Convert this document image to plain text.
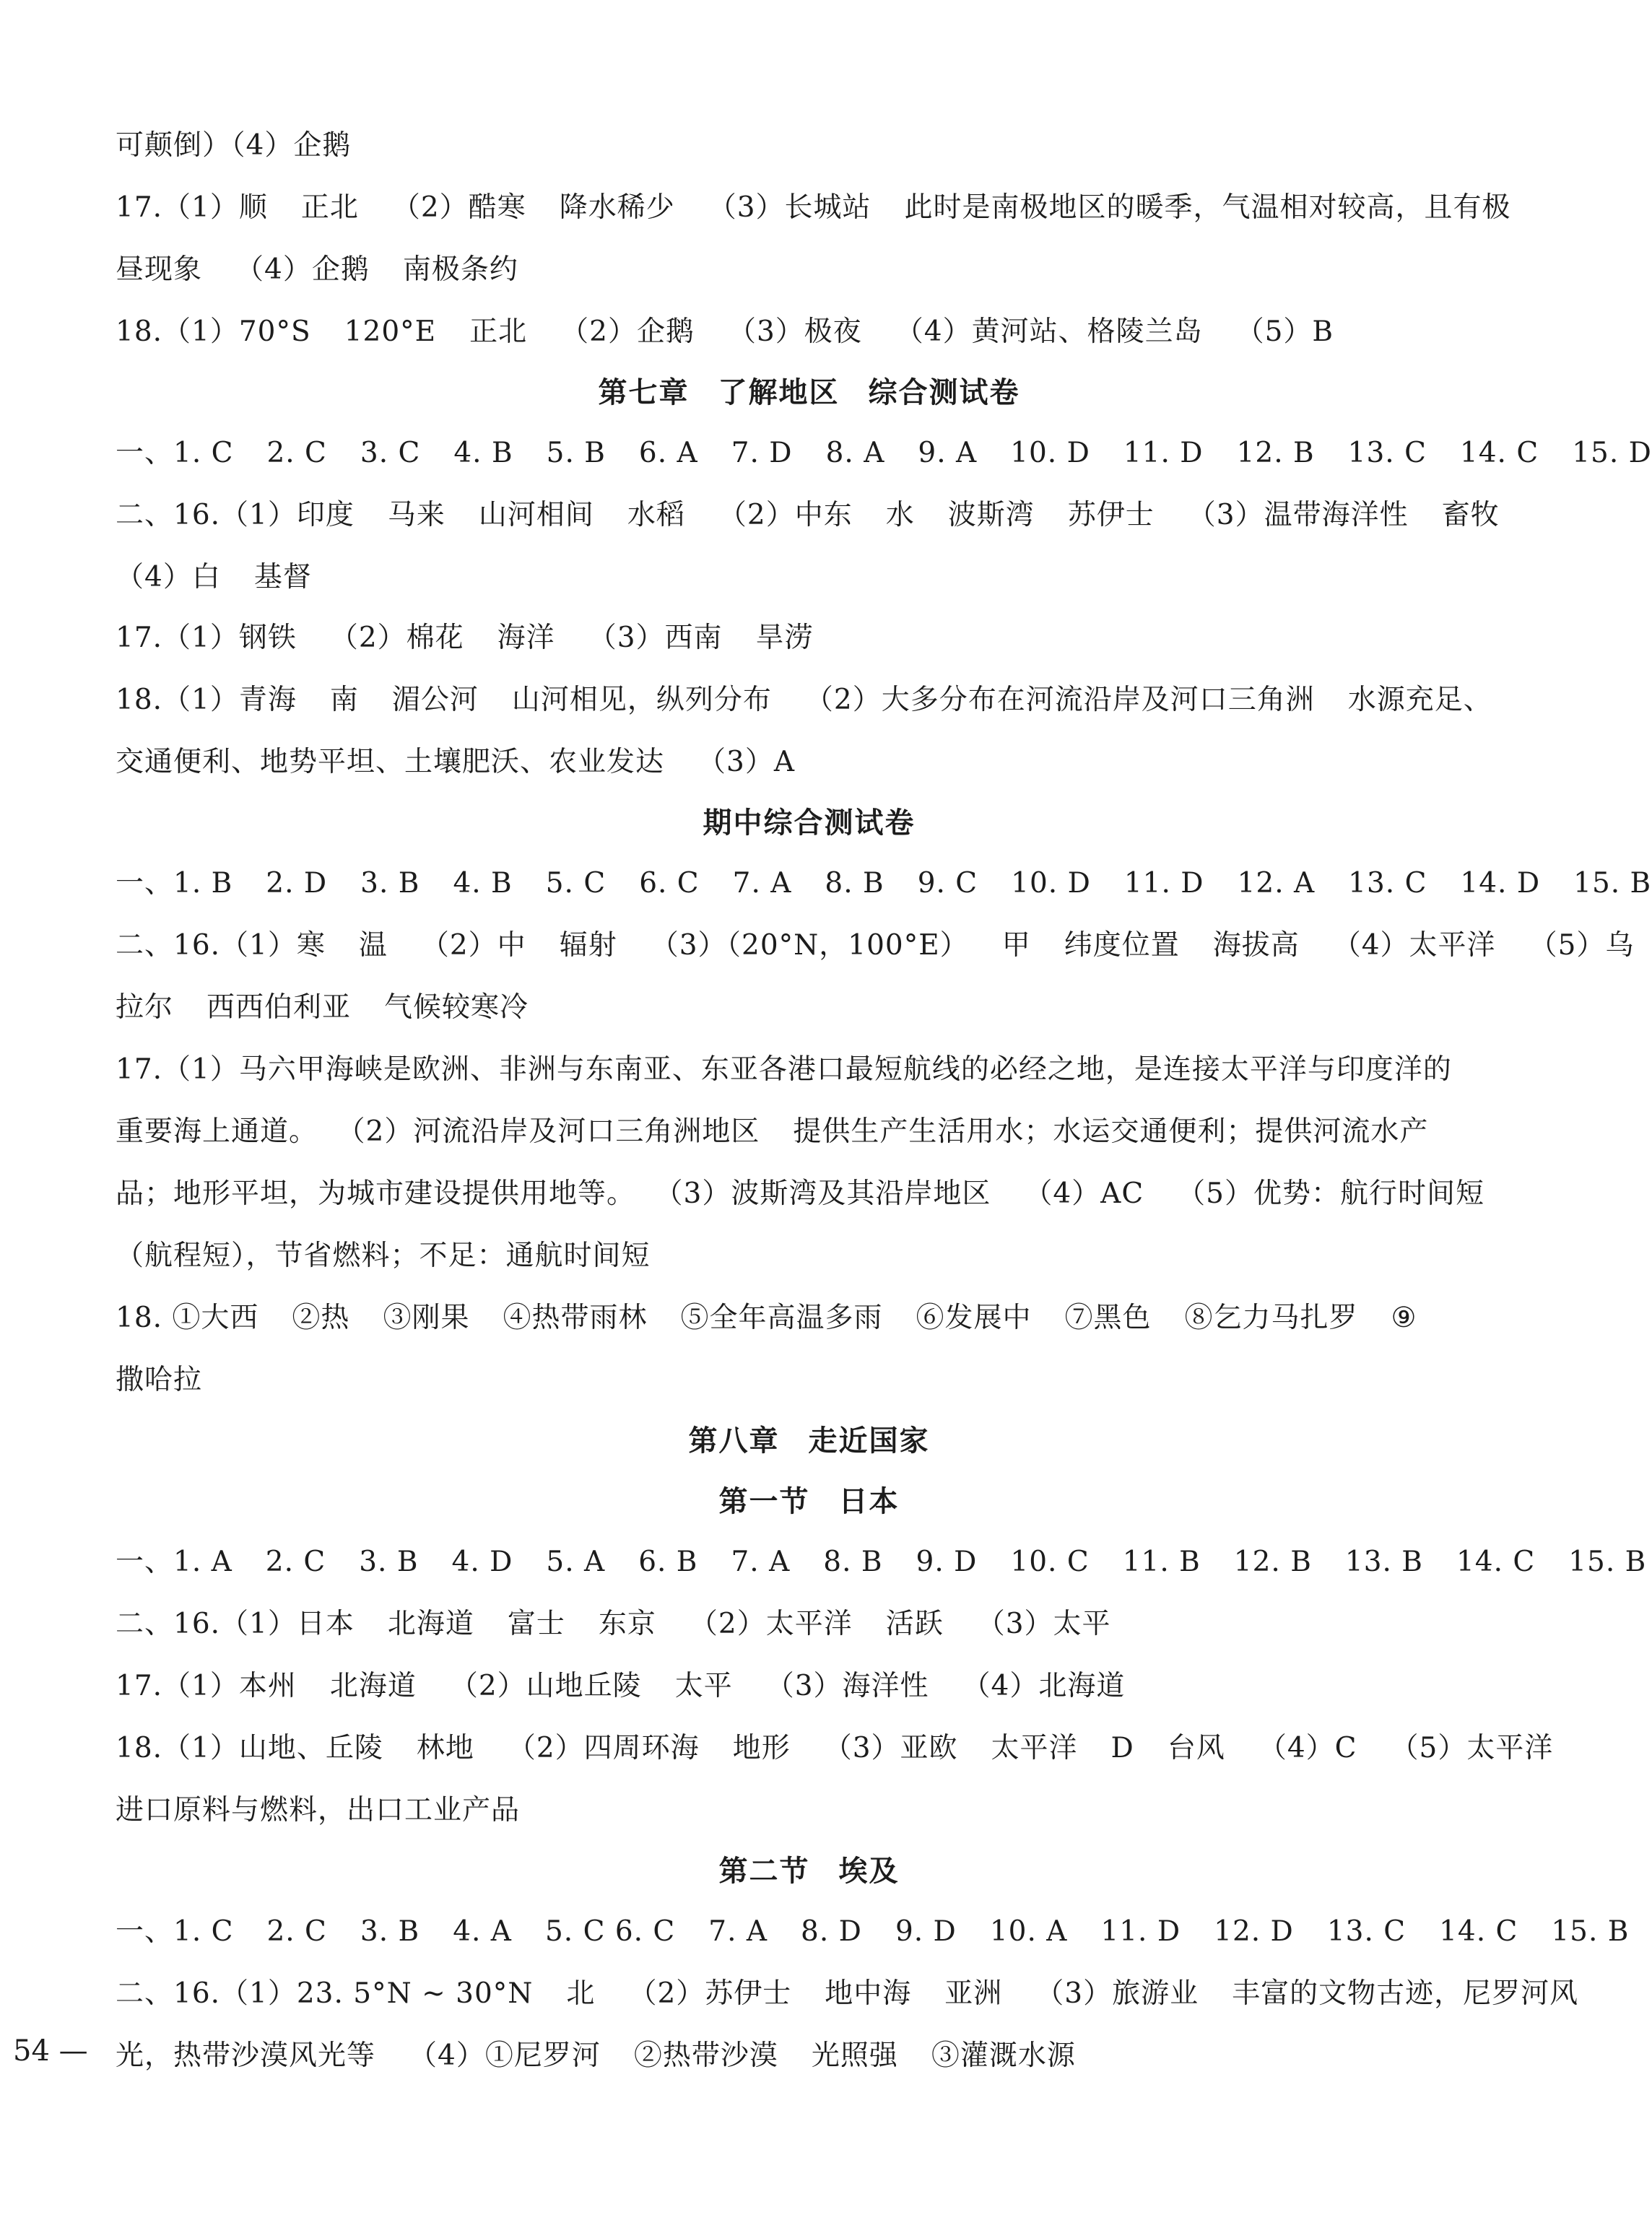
可颠倒）（4）企鹅
17.（1）顺 正北 （2）酷寒 降水稀少 （3）长城站 此时是南极地区的暖季，气温相对较高，且有极
昼现象 （4）企鹅 南极条约
18.（1）70°S 120°E 正北 （2）企鹅 （3）极夜 （4）黄河站、格陵兰岛 （5）B
第七章 了解地区 综合测试卷
一、1. C 2. C 3. C 4. B 5. B 6. A 7. D 8. A 9. A 10. D 11. D 12. B 13. C 14. C 15. D
二、16.（1）印度 马来 山河相间 水稻 （2）中东 水 波斯湾 苏伊士 （3）温带海洋性 畜牧
（4）白 基督
17.（1）钢铁 （2）棉花 海洋 （3）西南 旱涝
18.（1）青海 南 湄公河 山河相见，纵列分布 （2）大多分布在河流沿岸及河口三角洲 水源充足、
交通便利、地势平坦、土壤肥沃、农业发达 （3）A
期中综合测试卷
一、1. B 2. D 3. B 4. B 5. C 6. C 7. A 8. B 9. C 10. D 11. D 12. A 13. C 14. D 15. B
二、16.（1）寒 温 （2）中 辐射 （3）（20°N，100°E） 甲 纬度位置 海拔高 （4）太平洋 （5）乌
拉尔 西西伯利亚 气候较寒冷
17.（1）马六甲海峡是欧洲、非洲与东南亚、东亚各港口最短航线的必经之地，是连接太平洋与印度洋的
重要海上通道。 （2）河流沿岸及河口三角洲地区 提供生产生活用水；水运交通便利；提供河流水产
品；地形平坦，为城市建设提供用地等。 （3）波斯湾及其沿岸地区 （4）AC （5）优势：航行时间短
（航程短），节省燃料；不足：通航时间短
18. ①大西 ②热 ③刚果 ④热带雨林 ⑤全年高温多雨 ⑥发展中 ⑦黑色 ⑧乞力马扎罗 ⑨
撒哈拉
第八章 走近国家
第一节 日本
一、1. A 2. C 3. B 4. D 5. A 6. B 7. A 8. B 9. D 10. C 11. B 12. B 13. B 14. C 15. B
二、16.（1）日本 北海道 富士 东京 （2）太平洋 活跃 （3）太平
17.（1）本州 北海道 （2）山地丘陵 太平 （3）海洋性 （4）北海道
18.（1）山地、丘陵 林地 （2）四周环海 地形 （3）亚欧 太平洋 D 台风 （4）C （5）太平洋
进口原料与燃料，出口工业产品
第二节 埃及
一、1. C 2. C 3. B 4. A 5. C 6. C 7. A 8. D 9. D 10. A 11. D 12. D 13. C 14. C 15. B
二、16.（1）23. 5°N ~ 30°N 北 （2）苏伊士 地中海 亚洲 （3）旅游业 丰富的文物古迹，尼罗河风
光，热带沙漠风光等 （4）①尼罗河 ②热带沙漠 光照强 ③灌溉水源
54 —
